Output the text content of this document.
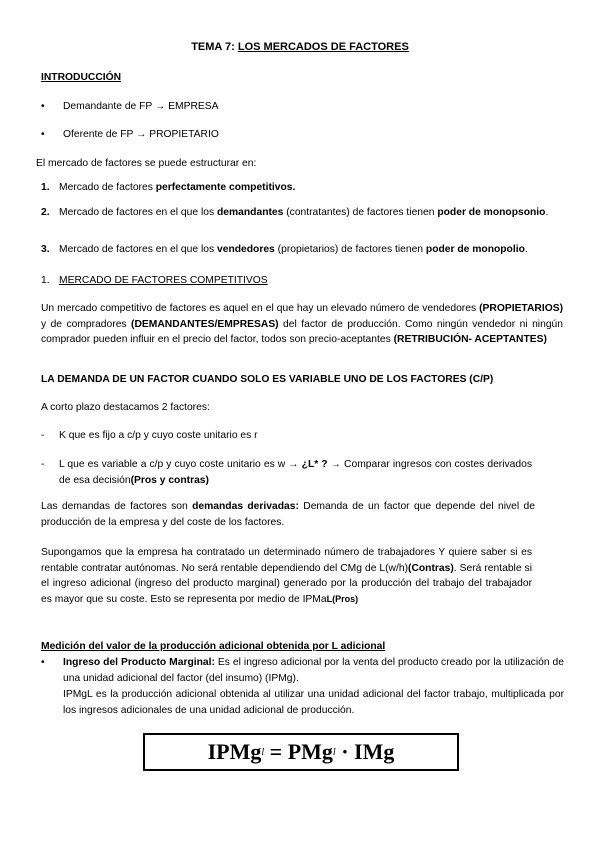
TEMA 7: LOS MERCADOS DE FACTORES
INTRODUCCIÓN
• Demandante de FP → EMPRESA
• Oferente de FP → PROPIETARIO
El mercado de factores se puede estructurar en:
1. Mercado de factores perfectamente competitivos.
2. Mercado de factores en el que los demandantes (contratantes) de factores tienen poder de monopsonio.
3. Mercado de factores en el que los vendedores (propietarios) de factores tienen poder de monopolio.
1. MERCADO DE FACTORES COMPETITIVOS
Un mercado competitivo de factores es aquel en el que hay un elevado número de vendedores (PROPIETARIOS) y de compradores (DEMANDANTES/EMPRESAS) del factor de producción. Como ningún vendedor ni ningún comprador pueden influir en el precio del factor, todos son precio-aceptantes (RETRIBUCIÓN- ACEPTANTES)
LA DEMANDA DE UN FACTOR CUANDO SOLO ES VARIABLE UNO DE LOS FACTORES (C/P)
A corto plazo destacamos 2 factores:
- K que es fijo a c/p y cuyo coste unitario es r
-	L que es variable a c/p y cuyo coste unitario es w → ¿L* ? → Comparar ingresos con costes derivados de esa decisión(Pros y contras)
Las demandas de factores son demandas derivadas: Demanda de un factor que depende del nivel de producción de la empresa y del coste de los factores.
Supongamos que la empresa ha contratado un determinado número de trabajadores Y quiere saber si es rentable contratar autónomas. No será rentable dependiendo del CMg de L(w/h)(Contras). Será rentable si el ingreso adicional (ingreso del producto marginal) generado por la producción del trabajo del trabajador es mayor que su coste. Esto se representa por medio de IPMaL(Pros)
Medición del valor de la producción adicional obtenida por L adicional
• Ingreso del Producto Marginal: Es el ingreso adicional por la venta del producto creado por la utilización de una unidad adicional del factor (del insumo) (IPMg).
IPMgL es la producción adicional obtenida al utilizar una unidad adicional del factor trabajo, multiplicada por los ingresos adicionales de una unidad adicional de producción.
IPMg l = PMg l · IMg
